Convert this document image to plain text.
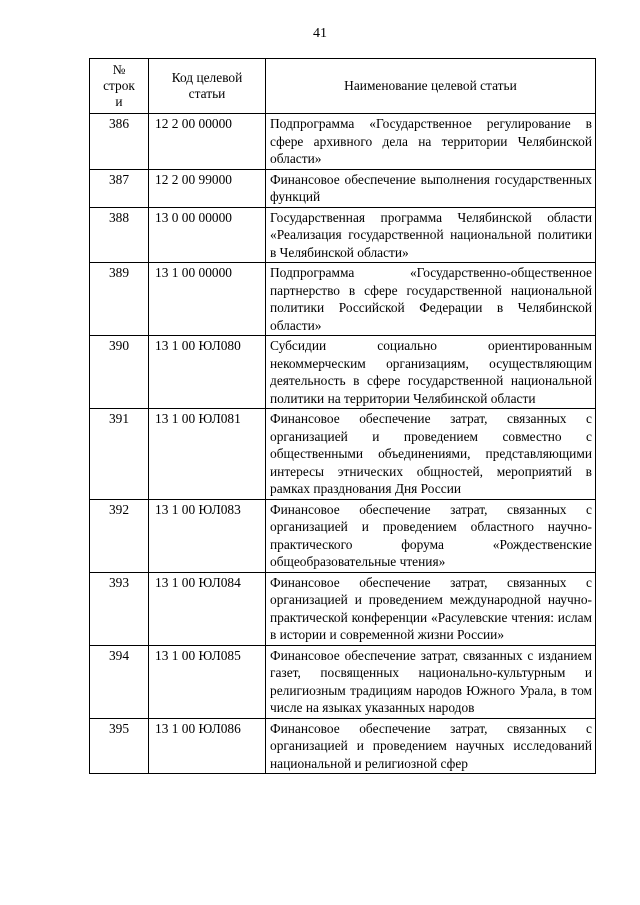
41
№ строк и	Код целевой статьи	Наименование целевой статьи
386	12 2 00 00000	Подпрограмма «Государственное регулирование в сфере архивного дела на территории Челябинской области»
387	12 2 00 99000	Финансовое обеспечение выполнения государственных функций
388	13 0 00 00000	Государственная программа Челябинской области «Реализация государственной национальной политики в Челябинской области»
389	13 1 00 00000	Подпрограмма «Государственно-общественное партнерство в сфере государственной национальной политики Российской Федерации в Челябинской области»
390	13 1 00 ЮЛ080	Субсидии социально ориентированным некоммерческим организациям, осуществляющим деятельность в сфере государственной национальной политики на территории Челябинской области
391	13 1 00 ЮЛ081	Финансовое обеспечение затрат, связанных с организацией и проведением совместно с общественными объединениями, представляющими интересы этнических общностей, мероприятий в рамках празднования Дня России
392	13 1 00 ЮЛ083	Финансовое обеспечение затрат, связанных с организацией и проведением областного научно-практического форума «Рождественские общеобразовательные чтения»
393	13 1 00 ЮЛ084	Финансовое обеспечение затрат, связанных с организацией и проведением международной научно-практической конференции «Расулевские чтения: ислам в истории и современной жизни России»
394	13 1 00 ЮЛ085	Финансовое обеспечение затрат, связанных с изданием газет, посвященных национально-культурным и религиозным традициям народов Южного Урала, в том числе на языках указанных народов
395	13 1 00 ЮЛ086	Финансовое обеспечение затрат, связанных с организацией и проведением научных исследований национальной и религиозной сфер
